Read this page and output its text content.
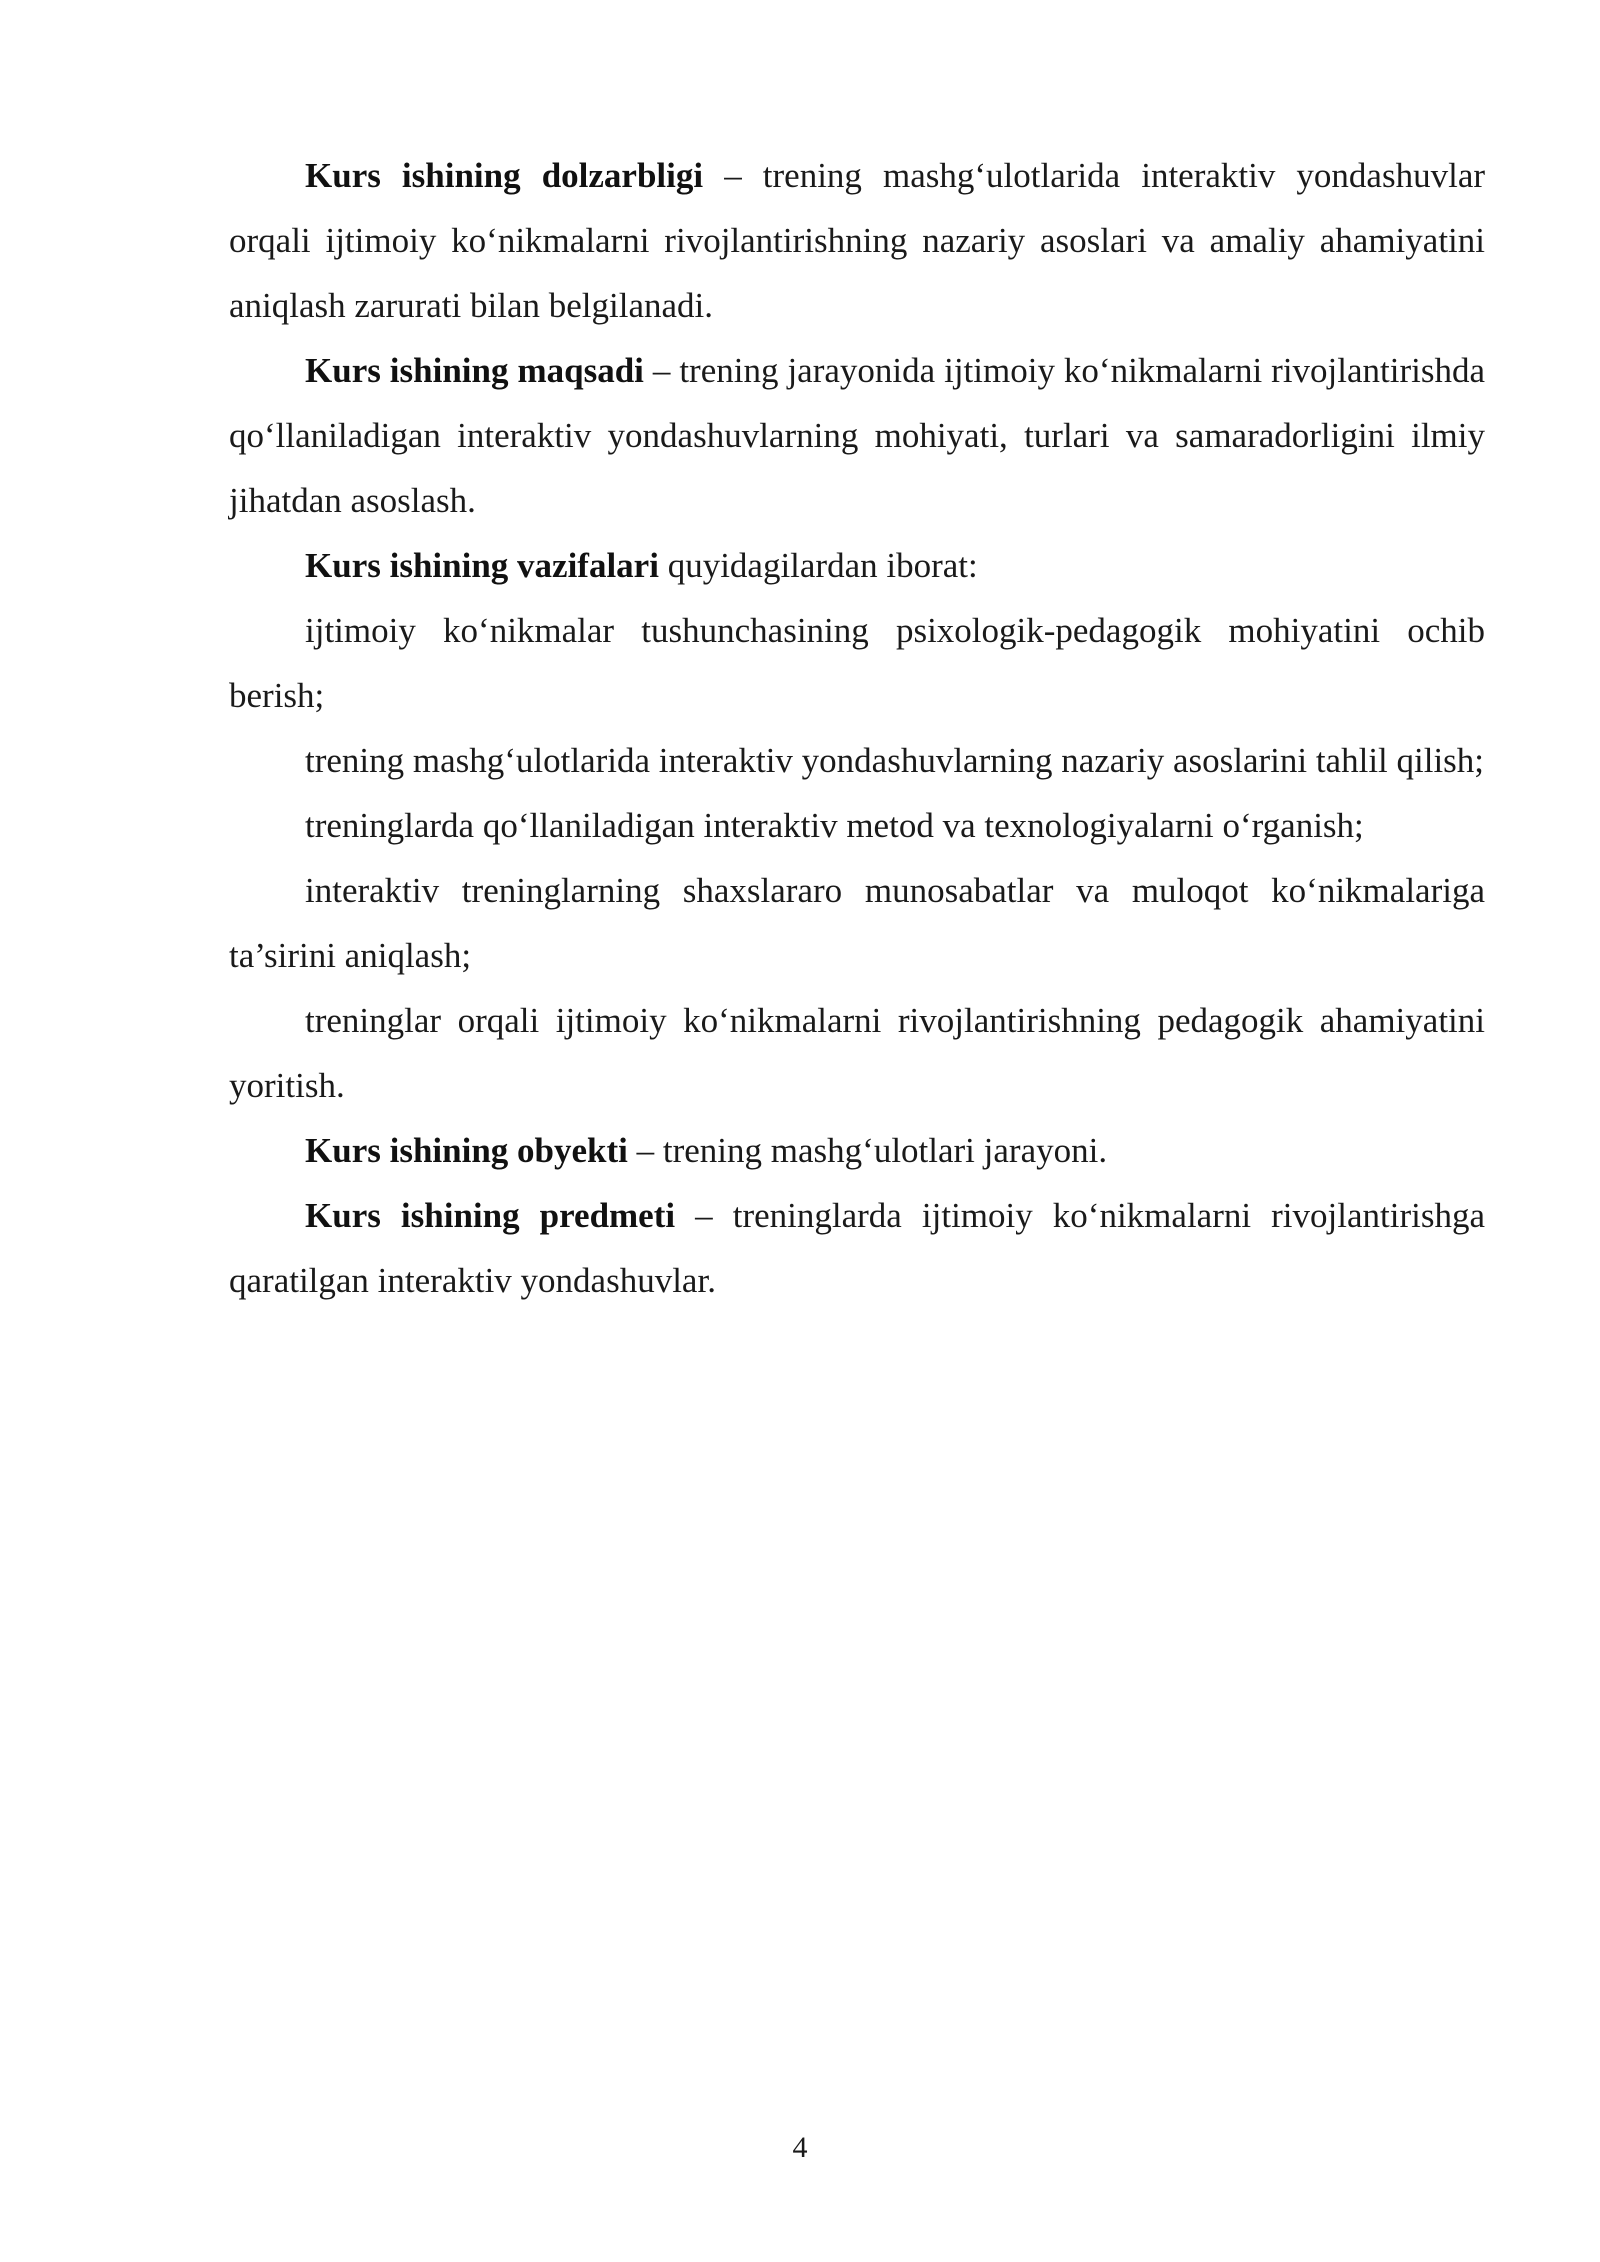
Kurs ishining dolzarbligi – trening mashg‘ulotlarida interaktiv yondashuvlar orqali ijtimoiy ko‘nikmalarni rivojlantirishning nazariy asoslari va amaliy ahamiyatini aniqlash zarurati bilan belgilanadi.

Kurs ishining maqsadi – trening jarayonida ijtimoiy ko‘nikmalarni rivojlantirishda qo‘llaniladigan interaktiv yondashuvlarning mohiyati, turlari va samaradorligini ilmiy jihatdan asoslash.

Kurs ishining vazifalari quyidagilardan iborat:

ijtimoiy ko‘nikmalar tushunchasining psixologik-pedagogik mohiyatini ochib berish;

trening mashg‘ulotlarida interaktiv yondashuvlarning nazariy asoslarini tahlil qilish;

treninglarda qo‘llaniladigan interaktiv metod va texnologiyalarni o‘rganish;

interaktiv treninglarning shaxslararo munosabatlar va muloqot ko‘nikmalariga ta’sirini aniqlash;

treninglar orqali ijtimoiy ko‘nikmalarni rivojlantirishning pedagogik ahamiyatini yoritish.

Kurs ishining obyekti – trening mashg‘ulotlari jarayoni.

Kurs ishining predmeti – treninglarda ijtimoiy ko‘nikmalarni rivojlantirishga qaratilgan interaktiv yondashuvlar.

4
